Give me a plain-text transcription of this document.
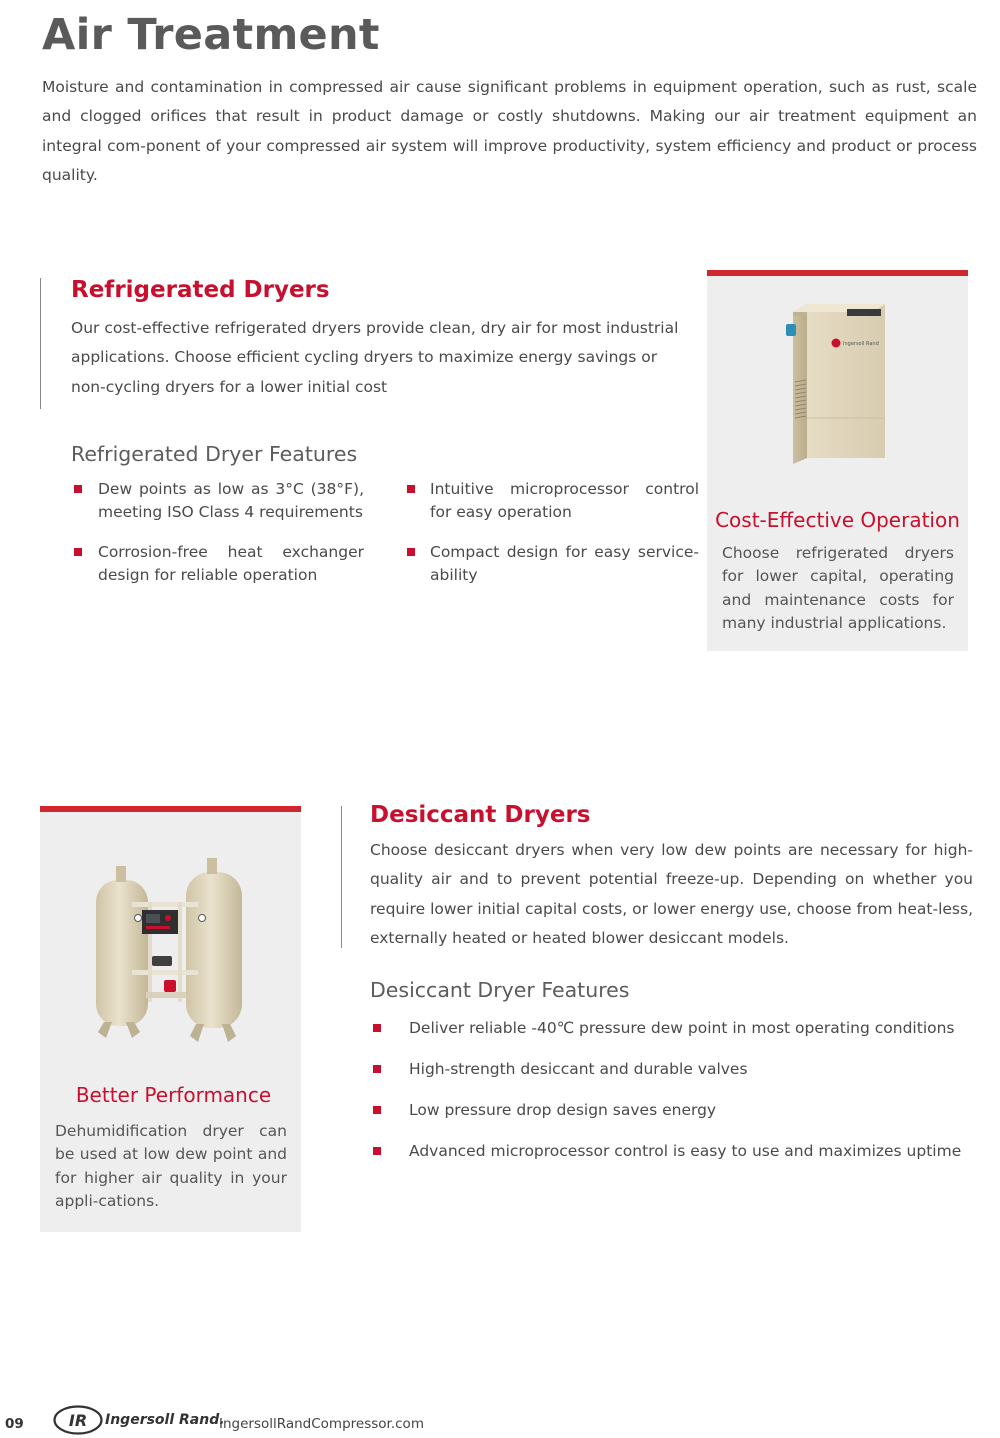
Air Treatment

Moisture and contamination in compressed air cause significant problems in equipment operation, such as rust, scale and clogged orifices that result in product damage or costly shutdowns. Making our air treatment equipment an integral com-ponent of your compressed air system will improve productivity, system efficiency and product or process quality.

Refrigerated Dryers

Our cost-effective refrigerated dryers provide clean, dry air for most industrial applications. Choose efficient cycling dryers to maximize energy savings or non-cycling dryers for a lower initial cost

Refrigerated Dryer Features
Dew points as low as 3°C (38°F), meeting ISO Class 4 requirements
Intuitive microprocessor control for easy operation
Corrosion-free heat exchanger design for reliable operation
Compact design for easy service-ability
Ingersoll Rand
Cost-Effective Operation

Choose refrigerated dryers for lower capital, operating and maintenance costs for many industrial applications.

Better Performance

Dehumidification dryer can be used at low dew point and for higher air quality in your appli-cations.

Desiccant Dryers

Choose desiccant dryers when very low dew points are necessary for high-quality air and to prevent potential freeze-up. Depending on whether you require lower initial capital costs, or lower energy use, choose from heat-less, externally heated or heated blower desiccant models.

Desiccant Dryer Features
Deliver reliable -40℃ pressure dew point in most operating conditions
High-strength desiccant and durable valves
Low pressure drop design saves energy
Advanced microprocessor control is easy to use and maximizes uptime
09	IR Ingersoll Rand.
IngersollRandCompressor.com
